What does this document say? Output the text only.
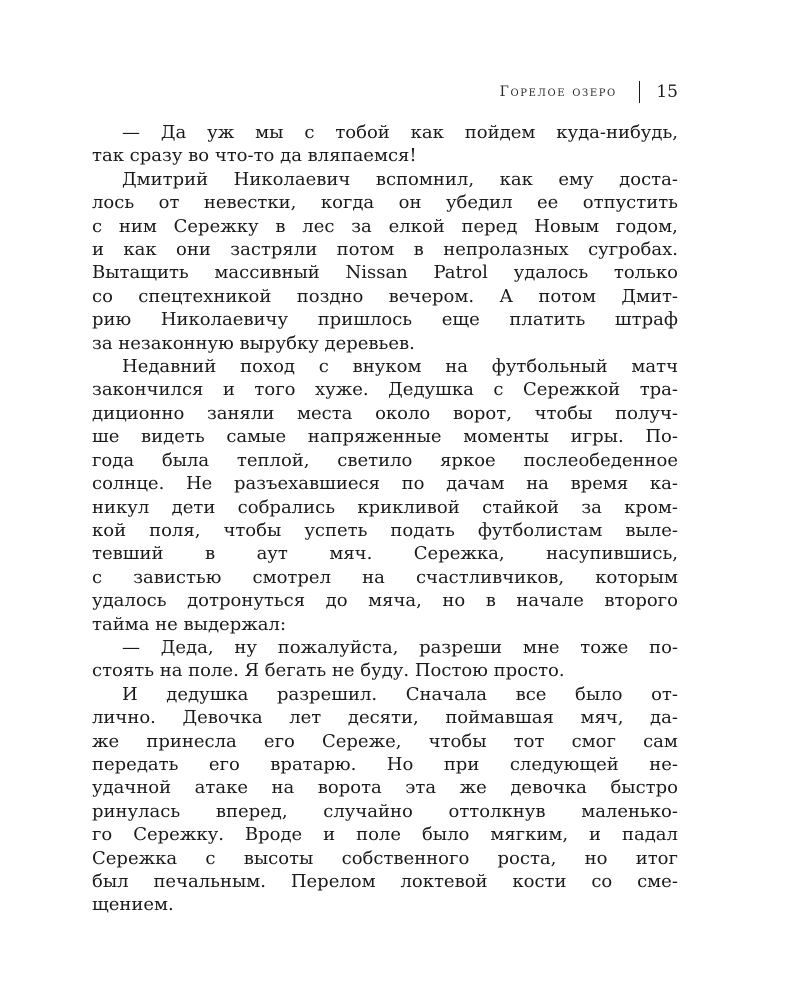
Горелое озеро 15
— Да уж мы с тобой как пойдем куда-нибудь,
так сразу во что-то да вляпаемся!
Дмитрий Николаевич вспомнил, как ему доста-
лось от невестки, когда он убедил ее отпустить
с ним Сережку в лес за елкой перед Новым годом,
и как они застряли потом в непролазных сугробах.
Вытащить массивный Nissan Patrol удалось только
со спецтехникой поздно вечером. А потом Дмит-
рию Николаевичу пришлось еще платить штраф
за незаконную вырубку деревьев.
Недавний поход с внуком на футбольный матч
закончился и того хуже. Дедушка с Сережкой тра-
диционно заняли места около ворот, чтобы получ-
ше видеть самые напряженные моменты игры. По-
года была теплой, светило яркое послеобеденное
солнце. Не разъехавшиеся по дачам на время ка-
никул дети собрались крикливой стайкой за кром-
кой поля, чтобы успеть подать футболистам выле-
тевший в аут мяч. Сережка, насупившись,
с завистью смотрел на счастливчиков, которым
удалось дотронуться до мяча, но в начале второго
тайма не выдержал:
— Деда, ну пожалуйста, разреши мне тоже по-
стоять на поле. Я бегать не буду. Постою просто.
И дедушка разрешил. Сначала все было от-
лично. Девочка лет десяти, поймавшая мяч, да-
же принесла его Сереже, чтобы тот смог сам
передать его вратарю. Но при следующей не-
удачной атаке на ворота эта же девочка быстро
ринулась вперед, случайно оттолкнув маленько-
го Сережку. Вроде и поле было мягким, и падал
Сережка с высоты собственного роста, но итог
был печальным. Перелом локтевой кости со сме-
щением.
